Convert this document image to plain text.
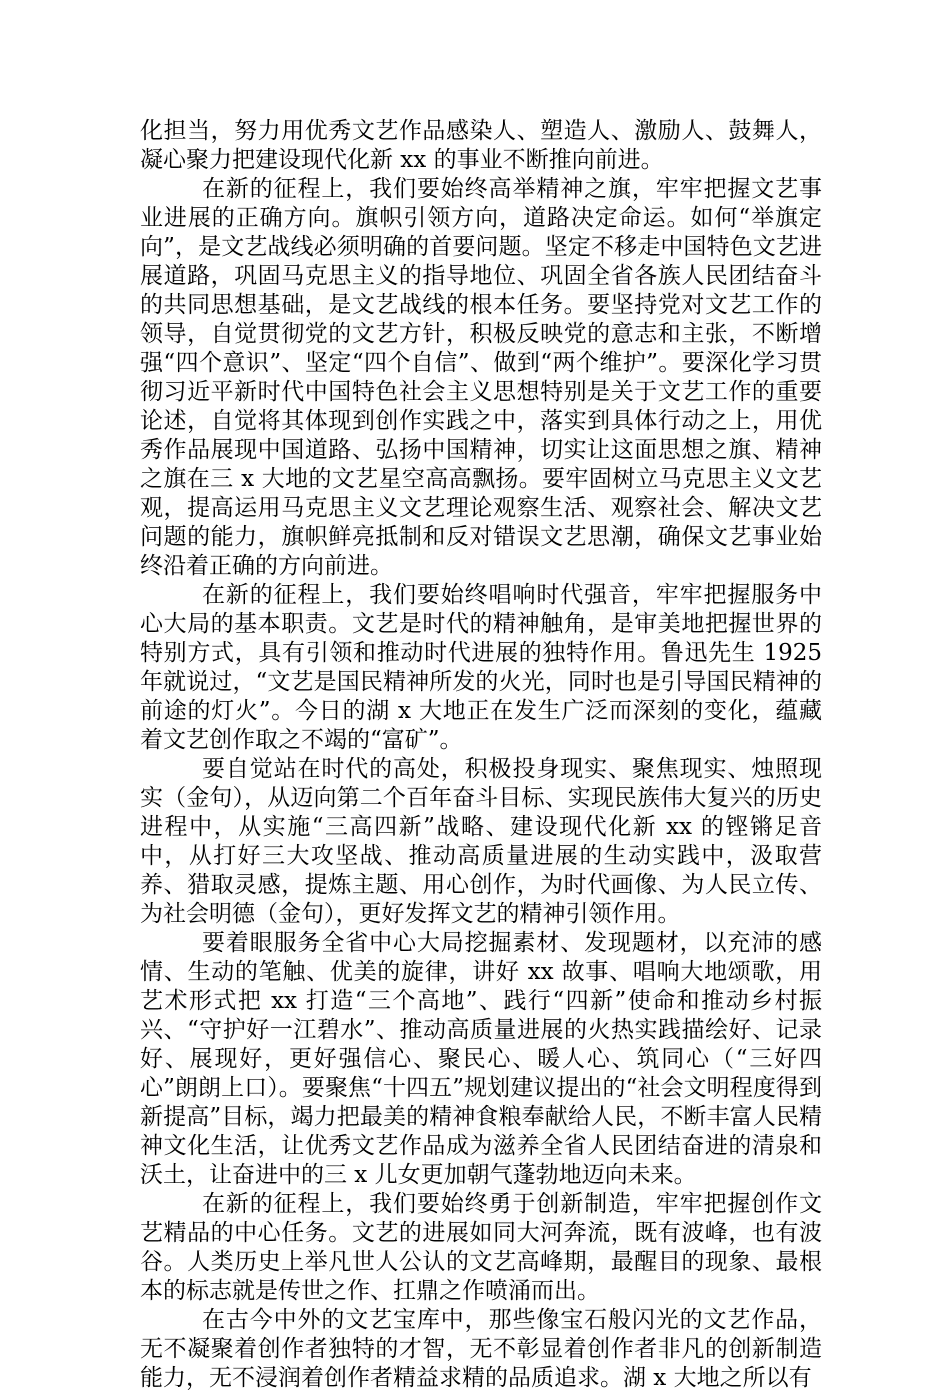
化担当，努力用优秀文艺作品感染人、塑造人、激励人、鼓舞人，凝心聚力把建设现代化新 xx 的事业不断推向前进。

在新的征程上，我们要始终高举精神之旗，牢牢把握文艺事业进展的正确方向。旗帜引领方向，道路决定命运。如何“举旗定向”，是文艺战线必须明确的首要问题。坚定不移走中国特色文艺进展道路，巩固马克思主义的指导地位、巩固全省各族人民团结奋斗的共同思想基础，是文艺战线的根本任务。要坚持党对文艺工作的领导，自觉贯彻党的文艺方针，积极反映党的意志和主张，不断增强“四个意识”、坚定“四个自信”、做到“两个维护”。要深化学习贯彻习近平新时代中国特色社会主义思想特别是关于文艺工作的重要论述，自觉将其体现到创作实践之中，落实到具体行动之上，用优秀作品展现中国道路、弘扬中国精神，切实让这面思想之旗、精神之旗在三 x 大地的文艺星空高高飘扬。要牢固树立马克思主义文艺观，提高运用马克思主义文艺理论观察生活、观察社会、解决文艺问题的能力，旗帜鲜亮抵制和反对错误文艺思潮，确保文艺事业始终沿着正确的方向前进。

在新的征程上，我们要始终唱响时代强音，牢牢把握服务中心大局的基本职责。文艺是时代的精神触角，是审美地把握世界的特别方式，具有引领和推动时代进展的独特作用。鲁迅先生 1925 年就说过，“文艺是国民精神所发的火光，同时也是引导国民精神的前途的灯火”。今日的湖 x 大地正在发生广泛而深刻的变化，蕴藏着文艺创作取之不竭的“富矿”。

要自觉站在时代的高处，积极投身现实、聚焦现实、烛照现实（金句），从迈向第二个百年奋斗目标、实现民族伟大复兴的历史进程中，从实施“三高四新”战略、建设现代化新 xx 的铿锵足音中，从打好三大攻坚战、推动高质量进展的生动实践中，汲取营养、猎取灵感，提炼主题、用心创作，为时代画像、为人民立传、为社会明德（金句），更好发挥文艺的精神引领作用。

要着眼服务全省中心大局挖掘素材、发现题材，以充沛的感情、生动的笔触、优美的旋律，讲好 xx 故事、唱响大地颂歌，用艺术形式把 xx 打造“三个高地”、践行“四新”使命和推动乡村振兴、“守护好一江碧水”、推动高质量进展的火热实践描绘好、记录好、展现好，更好强信心、聚民心、暖人心、筑同心（“三好四心”朗朗上口）。要聚焦“十四五”规划建议提出的“社会文明程度得到新提高”目标，竭力把最美的精神食粮奉献给人民，不断丰富人民精神文化生活，让优秀文艺作品成为滋养全省人民团结奋进的清泉和沃土，让奋进中的三 x 儿女更加朝气蓬勃地迈向未来。

在新的征程上，我们要始终勇于创新制造，牢牢把握创作文艺精品的中心任务。文艺的进展如同大河奔流，既有波峰，也有波谷。人类历史上举凡世人公认的文艺高峰期，最醒目的现象、最根本的标志就是传世之作、扛鼎之作喷涌而出。

在古今中外的文艺宝库中，那些像宝石般闪光的文艺作品，无不凝聚着创作者独特的才智，无不彰显着创作者非凡的创新制造能力，无不浸润着创作者精益求精的品质追求。湖 x 大地之所以有
